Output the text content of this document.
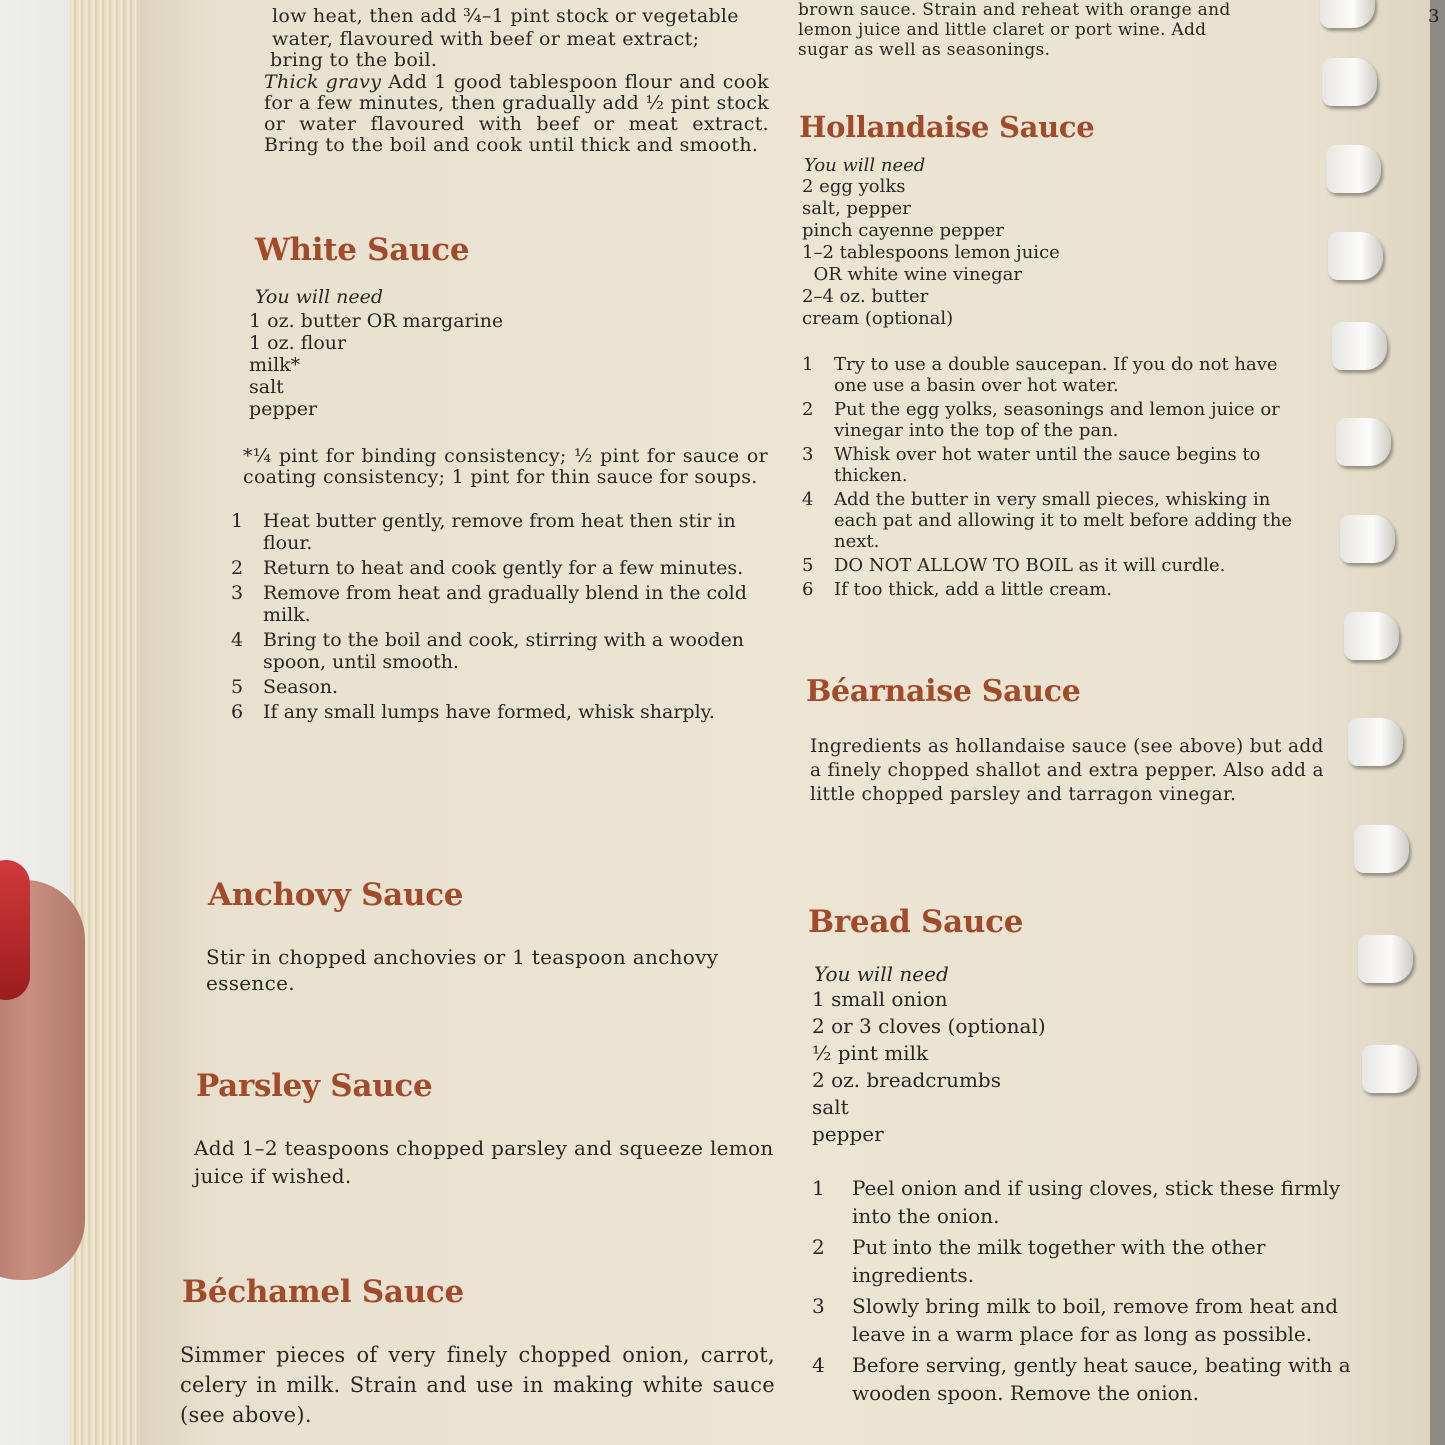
3

low heat, then add ¾–1 pint stock or vegetable

water, flavoured with beef or meat extract;

bring to the boil.

Thick gravy Add 1 good tablespoon flour and cook for a few minutes, then gradually add ½ pint stock or water flavoured with beef or meat extract. Bring to the boil and cook until thick and smooth.

White Sauce

You will need

1 oz. butter OR margarine

1 oz. flour

milk*

salt

pepper

*¼ pint for binding consistency; ½ pint for sauce or coating consistency; 1 pint for thin sauce for soups.

1 Heat butter gently, remove from heat then stir in flour.
2 Return to heat and cook gently for a few minutes.
3 Remove from heat and gradually blend in the cold milk.
4 Bring to the boil and cook, stirring with a wooden spoon, until smooth.
5 Season.
6 If any small lumps have formed, whisk sharply.
Anchovy Sauce

Stir in chopped anchovies or 1 teaspoon anchovy essence.

Parsley Sauce

Add 1–2 teaspoons chopped parsley and squeeze lemon juice if wished.

Béchamel Sauce

Simmer pieces of very finely chopped onion, carrot, celery in milk. Strain and use in making white sauce (see above).

brown sauce. Strain and reheat with orange and

lemon juice and little claret or port wine. Add

sugar as well as seasonings.

Hollandaise Sauce

You will need

2 egg yolks

salt, pepper

pinch cayenne pepper

1–2 tablespoons lemon juice

OR white wine vinegar

2–4 oz. butter

cream (optional)

1 Try to use a double saucepan. If you do not have one use a basin over hot water.
2 Put the egg yolks, seasonings and lemon juice or vinegar into the top of the pan.
3 Whisk over hot water until the sauce begins to thicken.
4 Add the butter in very small pieces, whisking in each pat and allowing it to melt before adding the next.
5 DO NOT ALLOW TO BOIL as it will curdle.
6 If too thick, add a little cream.
Béarnaise Sauce

Ingredients as hollandaise sauce (see above) but add a finely chopped shallot and extra pepper. Also add a little chopped parsley and tarragon vinegar.

Bread Sauce

You will need

1 small onion

2 or 3 cloves (optional)

½ pint milk

2 oz. breadcrumbs

salt

pepper

1 Peel onion and if using cloves, stick these firmly into the onion.
2 Put into the milk together with the other ingredients.
3 Slowly bring milk to boil, remove from heat and leave in a warm place for as long as possible.
4 Before serving, gently heat sauce, beating with a wooden spoon. Remove the onion.
